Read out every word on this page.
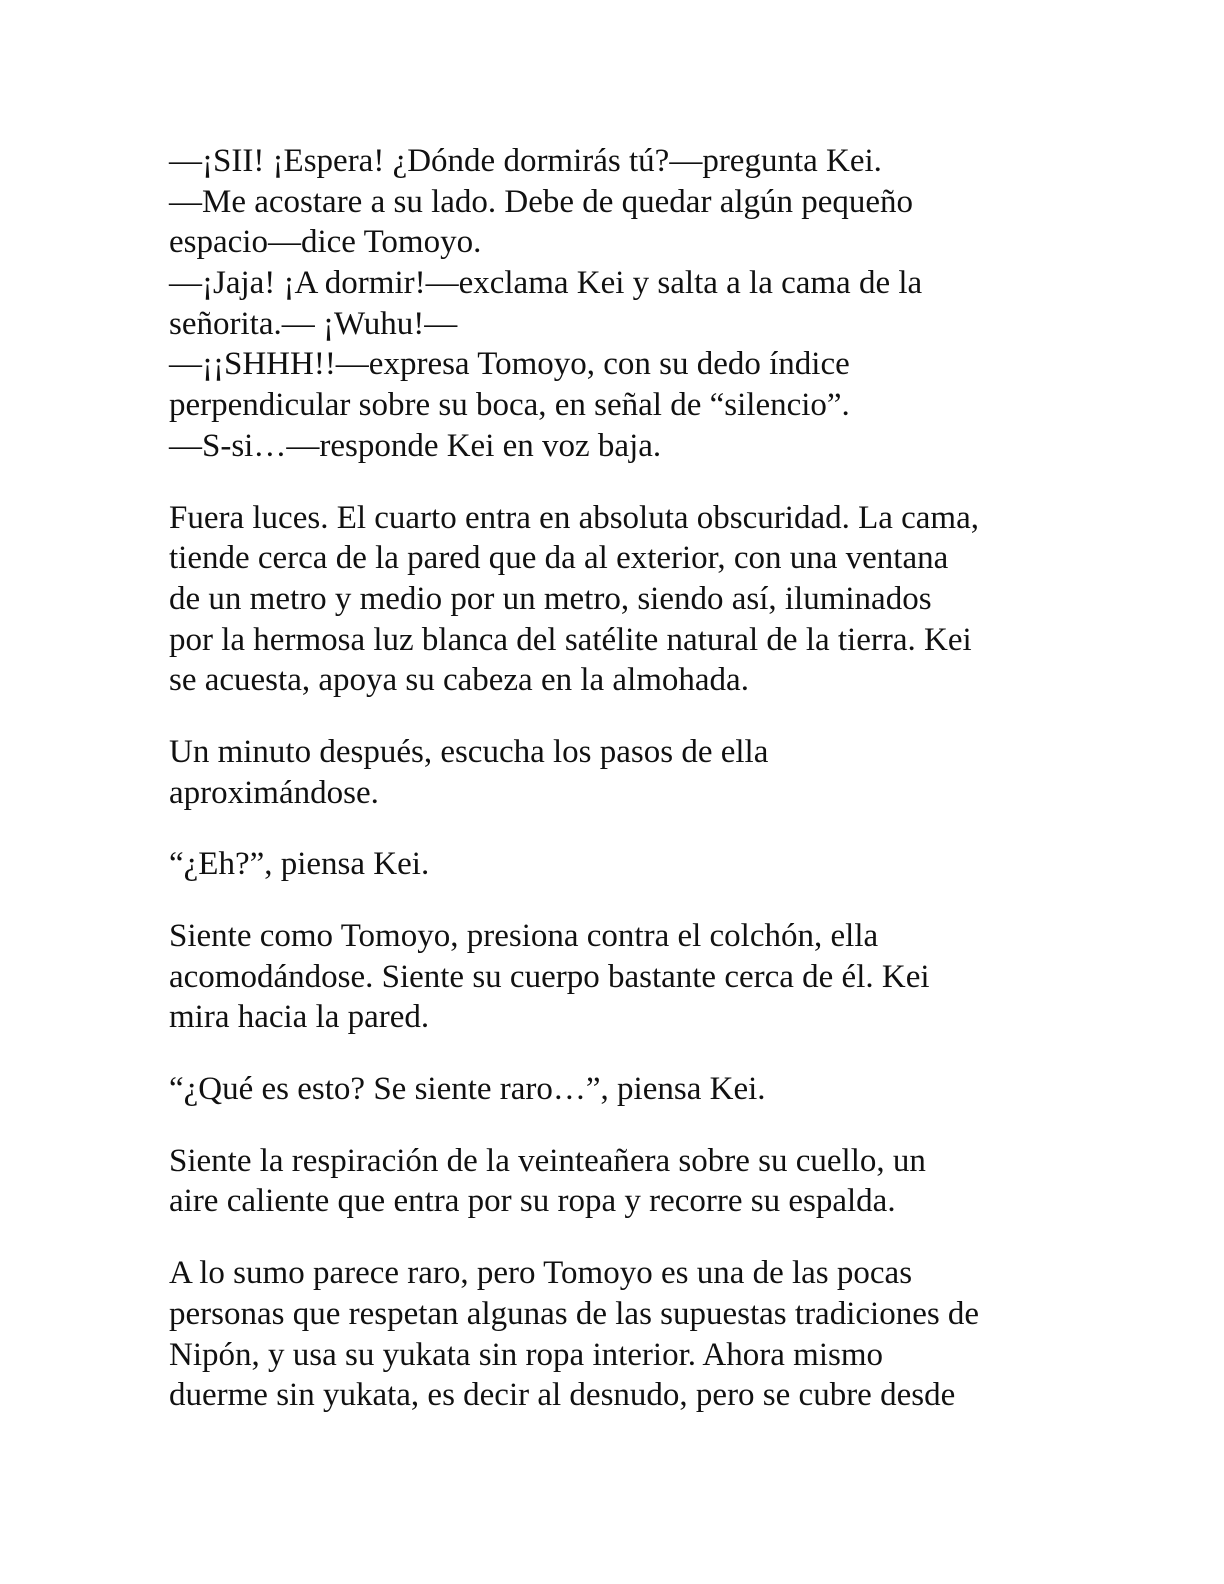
—¡SII! ¡Espera! ¿Dónde dormirás tú?—pregunta Kei.
—Me acostare a su lado. Debe de quedar algún pequeño
espacio—dice Tomoyo.
—¡Jaja! ¡A dormir!—exclama Kei y salta a la cama de la
señorita.— ¡Wuhu!—
—¡¡SHHH!!—expresa Tomoyo, con su dedo índice
perpendicular sobre su boca, en señal de “silencio”.
—S-si…—responde Kei en voz baja.
Fuera luces. El cuarto entra en absoluta obscuridad. La cama,
tiende cerca de la pared que da al exterior, con una ventana
de un metro y medio por un metro, siendo así, iluminados
por la hermosa luz blanca del satélite natural de la tierra. Kei
se acuesta, apoya su cabeza en la almohada.
Un minuto después, escucha los pasos de ella
aproximándose.
“¿Eh?”, piensa Kei.
Siente como Tomoyo, presiona contra el colchón, ella
acomodándose. Siente su cuerpo bastante cerca de él. Kei
mira hacia la pared.
“¿Qué es esto? Se siente raro…”, piensa Kei.
Siente la respiración de la veinteañera sobre su cuello, un
aire caliente que entra por su ropa y recorre su espalda.
A lo sumo parece raro, pero Tomoyo es una de las pocas
personas que respetan algunas de las supuestas tradiciones de
Nipón, y usa su yukata sin ropa interior. Ahora mismo
duerme sin yukata, es decir al desnudo, pero se cubre desde
